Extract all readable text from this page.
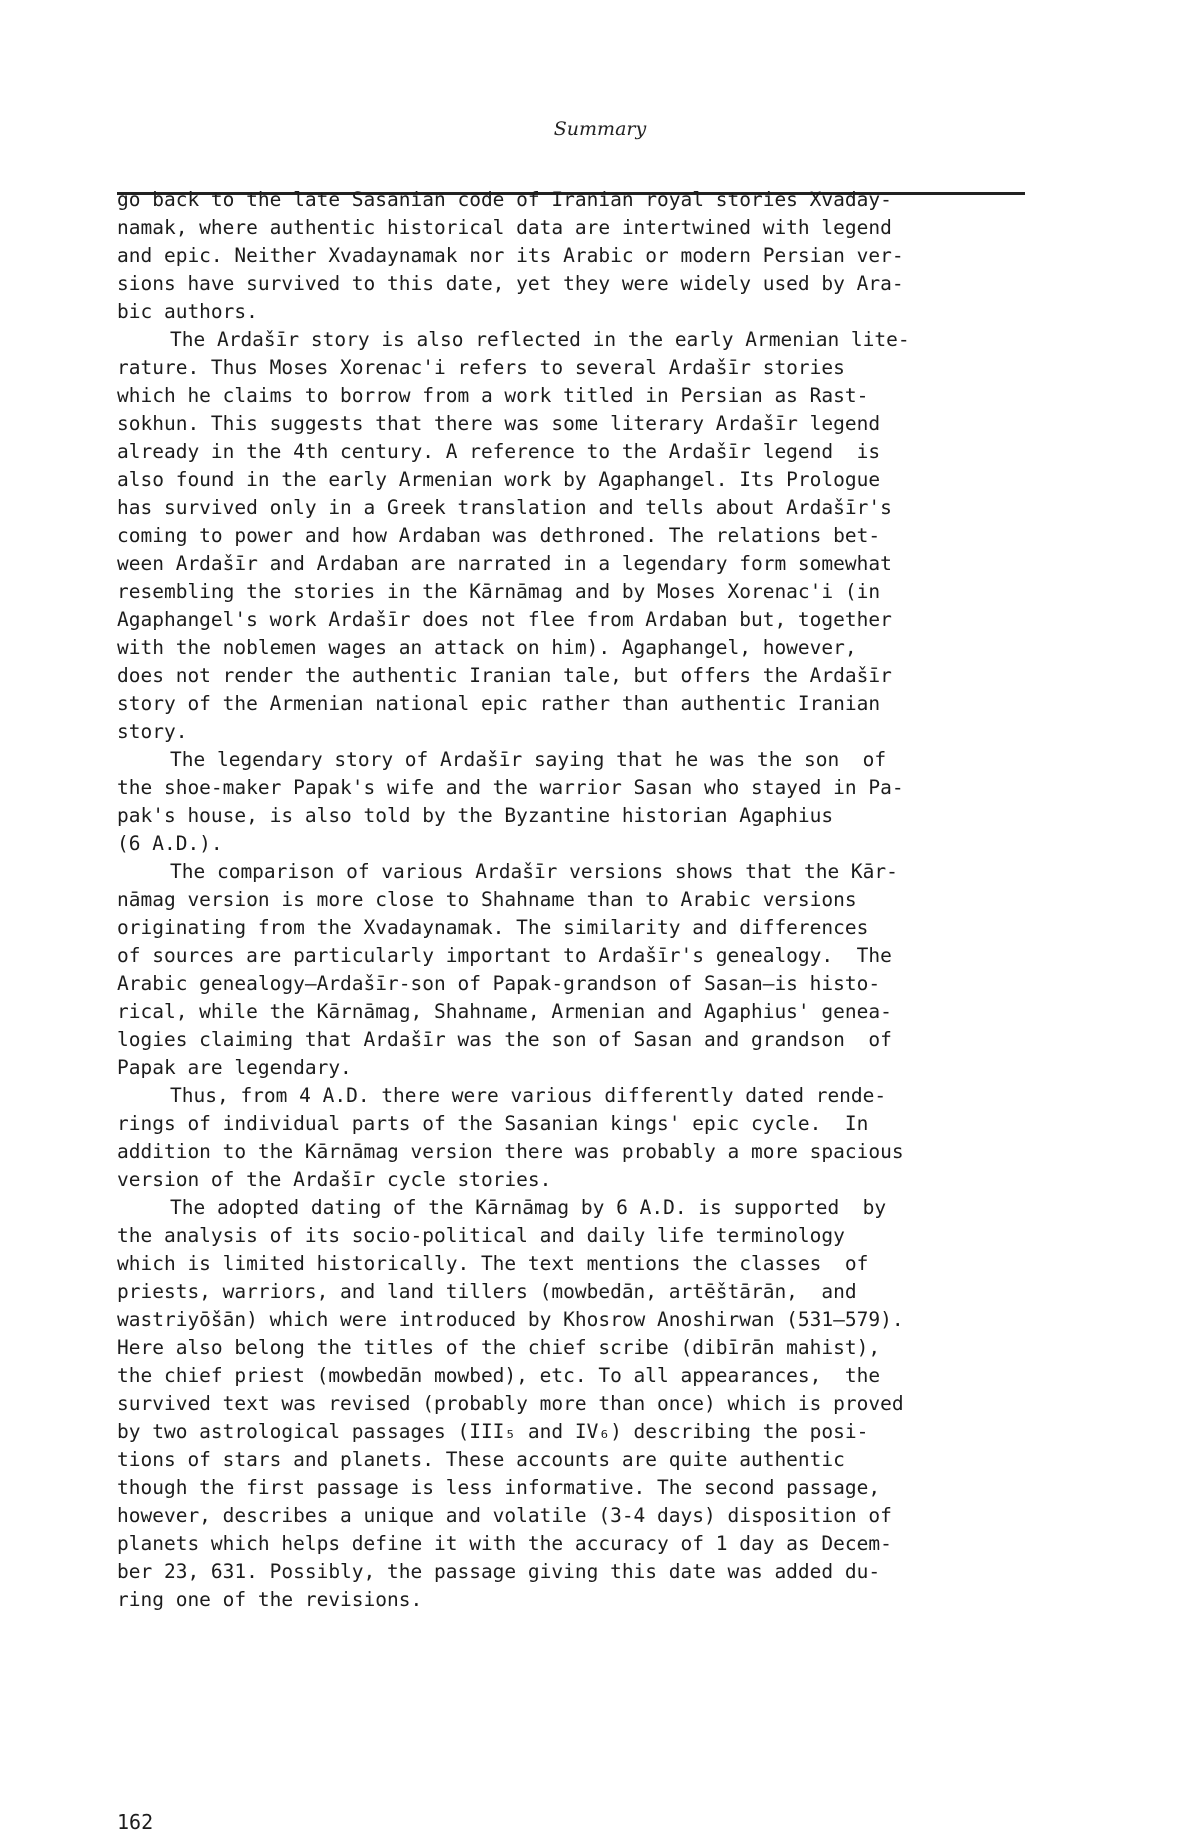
Summary

go back to the late Sasanian code of Iranian royal stories Xvaday-
namak, where authentic historical data are intertwined with legend
and epic. Neither Xvadaynamak nor its Arabic or modern Persian ver-
sions have survived to this date, yet they were widely used by Ara-
bic authors.

The Ardašīr story is also reflected in the early Armenian lite-
rature. Thus Moses Xorenac'i refers to several Ardašīr stories
which he claims to borrow from a work titled in Persian as Rast-
sokhun. This suggests that there was some literary Ardašīr legend
already in the 4th century. A reference to the Ardašīr legend  is
also found in the early Armenian work by Agaphangel. Its Prologue
has survived only in a Greek translation and tells about Ardašīr's
coming to power and how Ardaban was dethroned. The relations bet-
ween Ardašīr and Ardaban are narrated in a legendary form somewhat
resembling the stories in the Kārnāmag and by Moses Xorenac'i (in
Agaphangel's work Ardašīr does not flee from Ardaban but, together
with the noblemen wages an attack on him). Agaphangel, however,
does not render the authentic Iranian tale, but offers the Ardašīr
story of the Armenian national epic rather than authentic Iranian
story.

The legendary story of Ardašīr saying that he was the son  of
the shoe-maker Papak's wife and the warrior Sasan who stayed in Pa-
pak's house, is also told by the Byzantine historian Agaphius
(6 A.D.).

The comparison of various Ardašīr versions shows that the Kār-
nāmag version is more close to Shahname than to Arabic versions
originating from the Xvadaynamak. The similarity and differences
of sources are particularly important to Ardašīr's genealogy.  The
Arabic genealogy—Ardašīr-son of Papak-grandson of Sasan—is histo-
rical, while the Kārnāmag, Shahname, Armenian and Agaphius' genea-
logies claiming that Ardašīr was the son of Sasan and grandson  of
Papak are legendary.

Thus, from 4 A.D. there were various differently dated rende-
rings of individual parts of the Sasanian kings' epic cycle.  In
addition to the Kārnāmag version there was probably a more spacious
version of the Ardašīr cycle stories.

The adopted dating of the Kārnāmag by 6 A.D. is supported  by
the analysis of its socio-political and daily life terminology
which is limited historically. The text mentions the classes  of
priests, warriors, and land tillers (mowbedān, artēštārān,  and
wastriyōšān) which were introduced by Khosrow Anoshirwan (531–579).
Here also belong the titles of the chief scribe (dibīrān mahist),
the chief priest (mowbedān mowbed), etc. To all appearances,  the
survived text was revised (probably more than once) which is proved
by two astrological passages (III₅ and IV₆) describing the posi-
tions of stars and planets. These accounts are quite authentic
though the first passage is less informative. The second passage,
however, describes a unique and volatile (3-4 days) disposition of
planets which helps define it with the accuracy of 1 day as Decem-
ber 23, 631. Possibly, the passage giving this date was added du-
ring one of the revisions.

162
